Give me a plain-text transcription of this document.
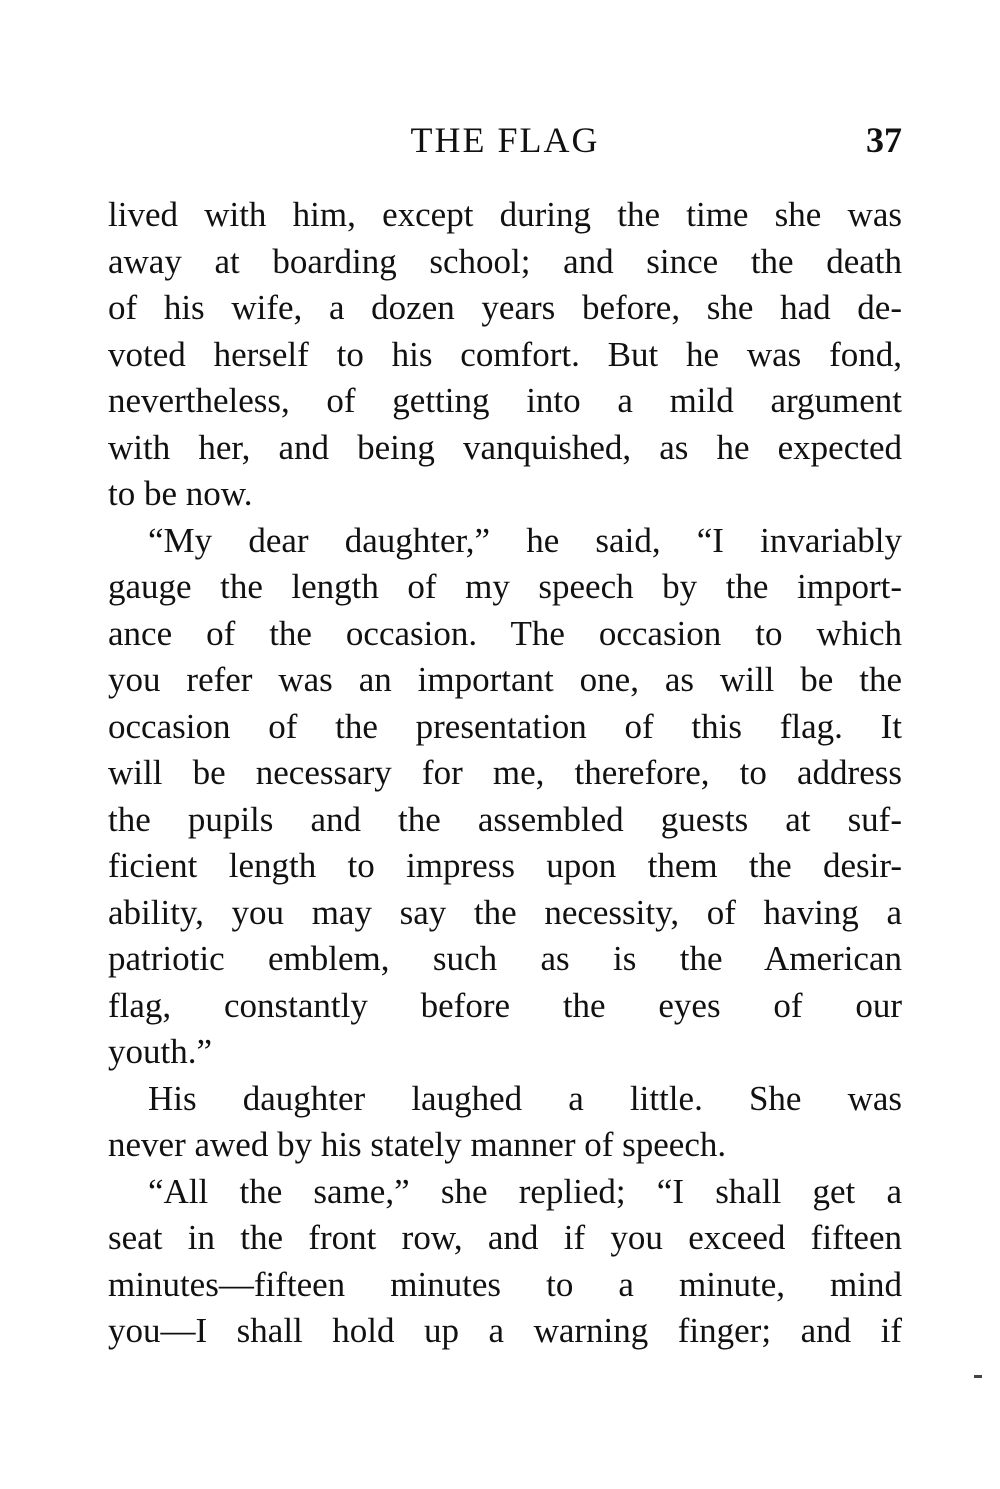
THE FLAG	37
lived with him, except during the time she was
away at boarding school; and since the death
of his wife, a dozen years before, she had de-
voted herself to his comfort. But he was fond,
nevertheless, of getting into a mild argument
with her, and being vanquished, as he expected
to be now.
“My dear daughter,” he said, “I invariably
gauge the length of my speech by the import-
ance of the occasion. The occasion to which
you refer was an important one, as will be the
occasion of the presentation of this flag. It
will be necessary for me, therefore, to address
the pupils and the assembled guests at suf-
ficient length to impress upon them the desir-
ability, you may say the necessity, of having a
patriotic emblem, such as is the American
flag, constantly before the eyes of our
youth.”
His daughter laughed a little. She was
never awed by his stately manner of speech.
“All the same,” she replied; “I shall get a
seat in the front row, and if you exceed fifteen
minutes—fifteen minutes to a minute, mind
you—I shall hold up a warning finger; and if
